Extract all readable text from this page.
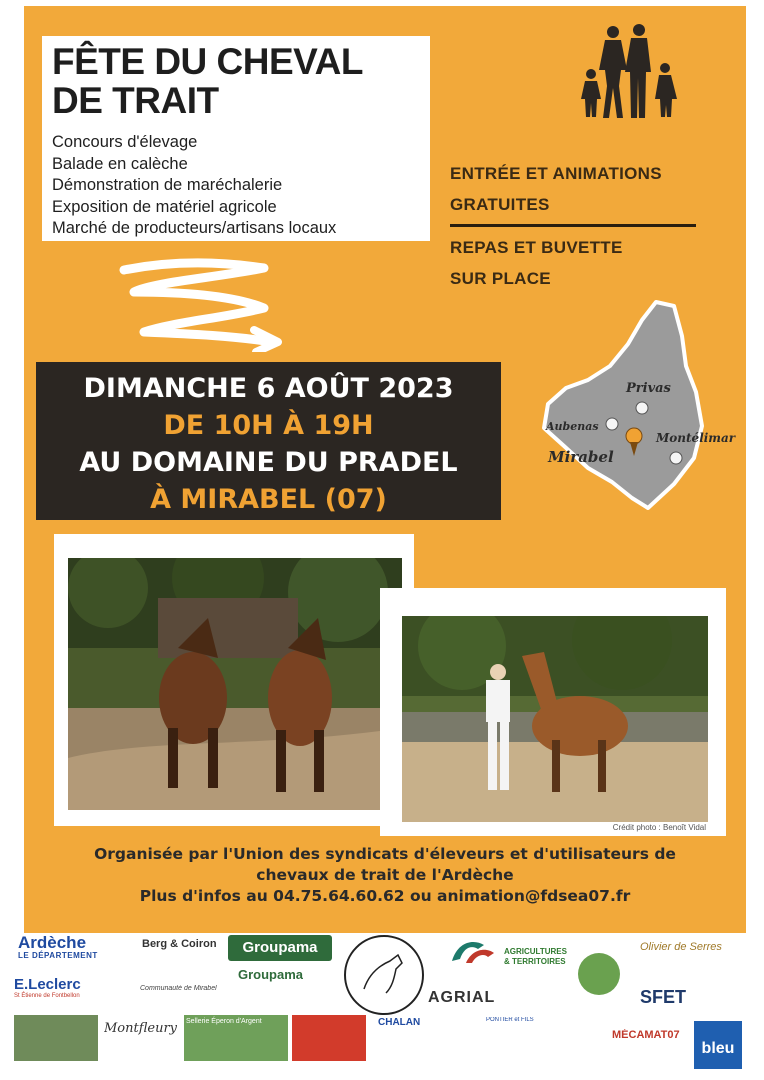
FÊTE DU CHEVAL
DE TRAIT
Concours d'élevage
Balade en calèche
Démonstration de maréchalerie
Exposition de matériel agricole
Marché de producteurs/artisans locaux
ENTRÉE ET ANIMATIONS
GRATUITES
REPAS ET BUVETTE
SUR PLACE
Privas
Aubenas
Montélimar
Mirabel
DIMANCHE 6 AOÛT 2023
DE 10H À 19H
AU DOMAINE DU PRADEL
À MIRABEL (07)
Crédit photo : Benoît Vidal
Organisée par l'Union des syndicats d'éleveurs et d'utilisateurs de
chevaux de trait de l'Ardèche
Plus d'infos au 04.75.64.60.62 ou animation@fdsea07.fr
Ardèche
LE DÉPARTEMENT
E.Leclerc
St Étienne de Fontbellon
Berg & Coiron
Communauté de Mirabel
Groupama
Groupama
AGRIAL
AGRICULTURES & TERRITOIRES
Olivier de Serres
SFET
Montfleury Sellerie Éperon d'Argent	CHALAN	PONTIER et FILS
MÉCAMAT07
bleu
